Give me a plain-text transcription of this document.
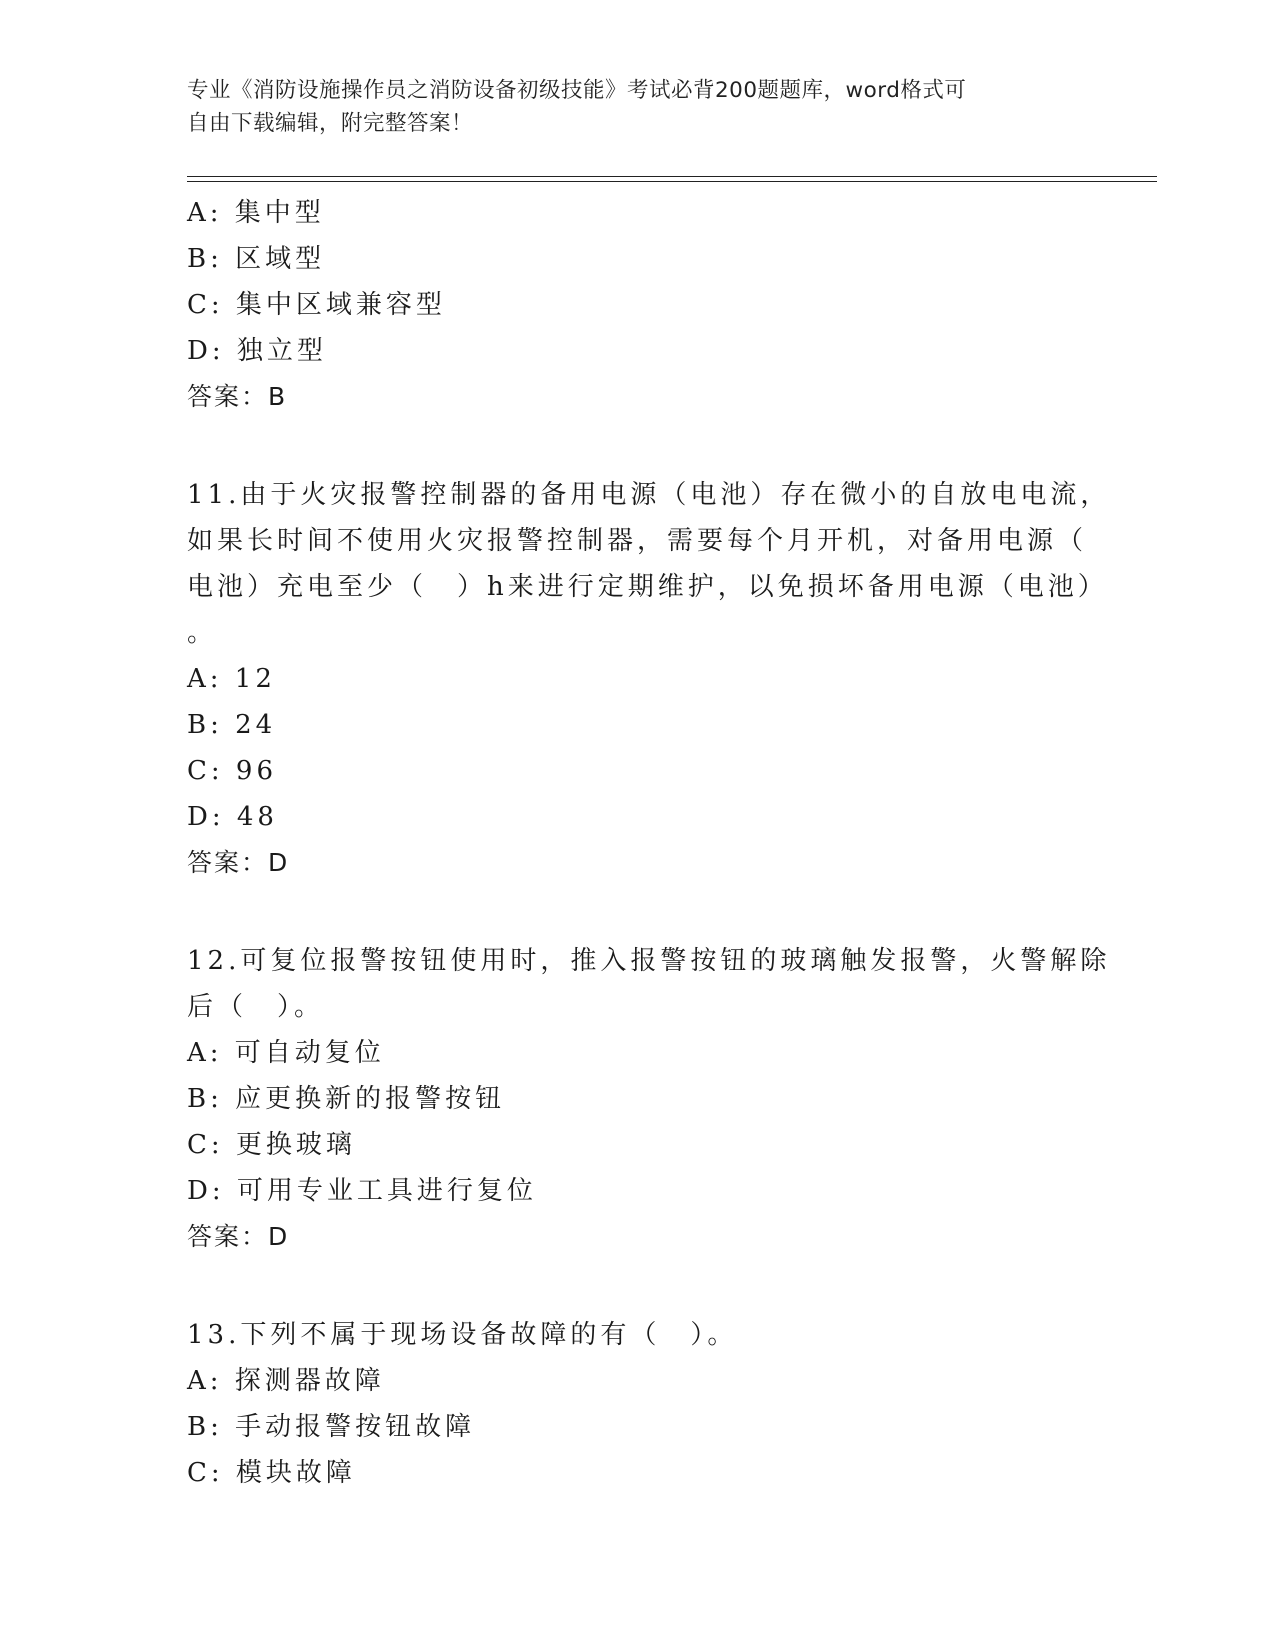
专业《消防设施操作员之消防设备初级技能》考试必背200题题库，word格式可
自由下载编辑，附完整答案！
A: 集中型
B: 区域型
C: 集中区域兼容型
D: 独立型
答案：B
11.由于火灾报警控制器的备用电源（电池）存在微小的自放电电流，
如果长时间不使用火灾报警控制器，需要每个月开机，对备用电源（
电池）充电至少（　）h来进行定期维护，以免损坏备用电源（电池）
。
A: 12
B: 24
C: 96
D: 48
答案：D
12.可复位报警按钮使用时，推入报警按钮的玻璃触发报警，火警解除
后（　）。
A: 可自动复位
B: 应更换新的报警按钮
C: 更换玻璃
D: 可用专业工具进行复位
答案：D
13.下列不属于现场设备故障的有（　）。
A: 探测器故障
B: 手动报警按钮故障
C: 模块故障
